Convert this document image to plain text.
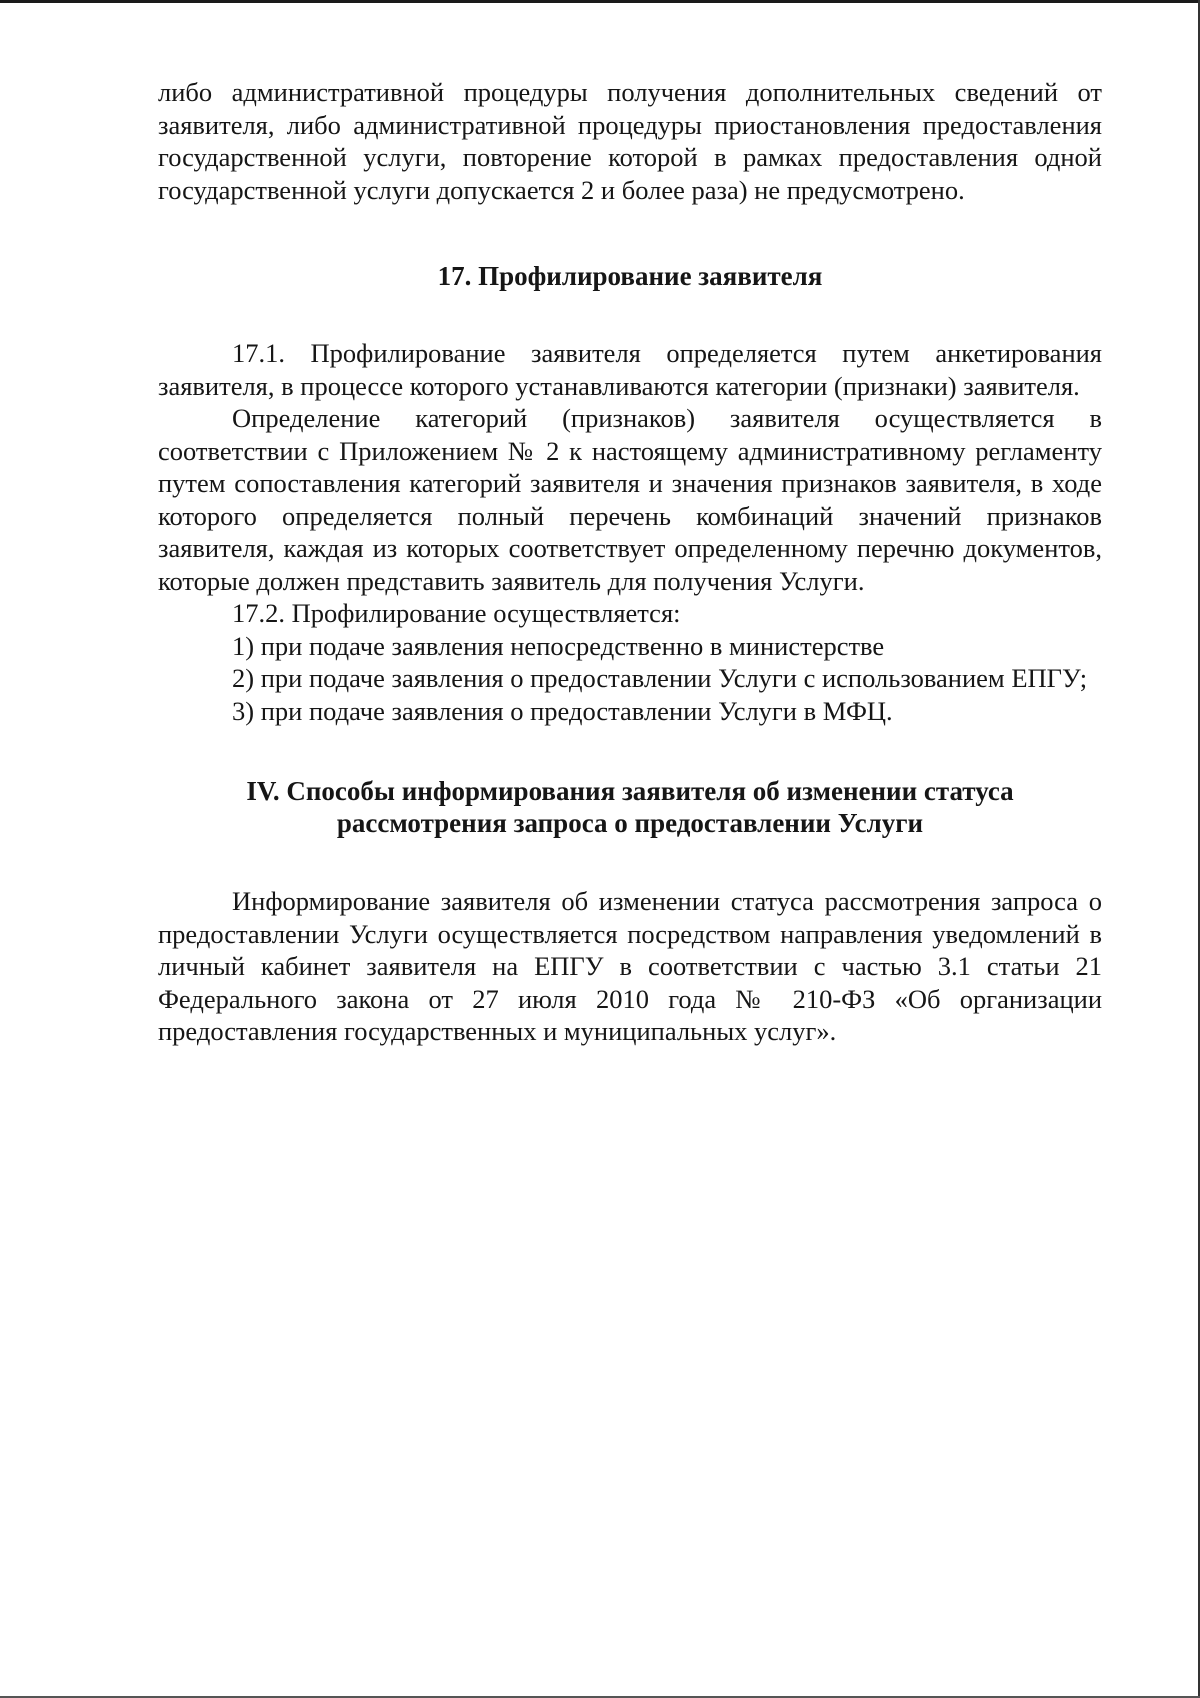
либо административной процедуры получения дополнительных сведений от заявителя, либо административной процедуры приостановления предоставления государственной услуги, повторение которой в рамках предоставления одной государственной услуги допускается 2 и более раза) не предусмотрено.

17. Профилирование заявителя

17.1. Профилирование заявителя определяется путем анкетирования заявителя, в процессе которого устанавливаются категории (признаки) заявителя.

Определение категорий (признаков) заявителя осуществляется в соответствии с Приложением № 2 к настоящему административному регламенту путем сопоставления категорий заявителя и значения признаков заявителя, в ходе которого определяется полный перечень комбинаций значений признаков заявителя, каждая из которых соответствует определенному перечню документов, которые должен представить заявитель для получения Услуги.

17.2. Профилирование осуществляется:

1) при подаче заявления непосредственно в министерстве

2) при подаче заявления о предоставлении Услуги с использованием ЕПГУ;

3) при подаче заявления о предоставлении Услуги в МФЦ.

IV. Способы информирования заявителя об изменении статуса
рассмотрения запроса о предоставлении Услуги

Информирование заявителя об изменении статуса рассмотрения запроса о предоставлении Услуги осуществляется посредством направления уведомлений в личный кабинет заявителя на ЕПГУ в соответствии с частью 3.1 статьи 21 Федерального закона от 27 июля 2010 года № 210-ФЗ «Об организации предоставления государственных и муниципальных услуг».
